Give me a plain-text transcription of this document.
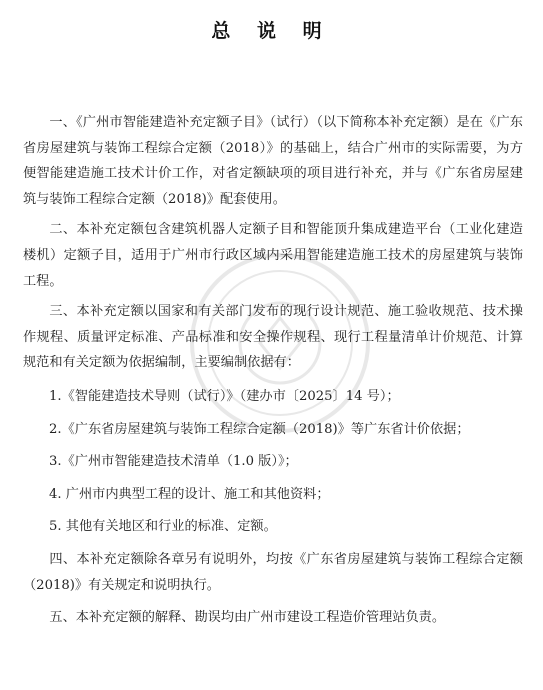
总 说 明

一、《广州市智能建造补充定额子目》（试行）（以下简称本补充定额）是在《广东省房屋建筑与装饰工程综合定额（2018）》的基础上，结合广州市的实际需要，为方便智能建造施工技术计价工作，对省定额缺项的项目进行补充，并与《广东省房屋建筑与装饰工程综合定额（2018)》配套使用。

二、本补充定额包含建筑机器人定额子目和智能顶升集成建造平台（工业化建造楼机）定额子目，适用于广州市行政区域内采用智能建造施工技术的房屋建筑与装饰工程。

三、本补充定额以国家和有关部门发布的现行设计规范、施工验收规范、技术操作规程、质量评定标准、产品标准和安全操作规程、现行工程量清单计价规范、计算规范和有关定额为依据编制，主要编制依据有：

1.《智能建造技术导则（试行）》（建办市〔2025〕14 号）；

2.《广东省房屋建筑与装饰工程综合定额（2018)》等广东省计价依据；

3.《广州市智能建造技术清单（1.0 版）》；

4. 广州市内典型工程的设计、施工和其他资料；

5. 其他有关地区和行业的标准、定额。

四、本补充定额除各章另有说明外，均按《广东省房屋建筑与装饰工程综合定额（2018)》有关规定和说明执行。

五、本补充定额的解释、勘误均由广州市建设工程造价管理站负责。
